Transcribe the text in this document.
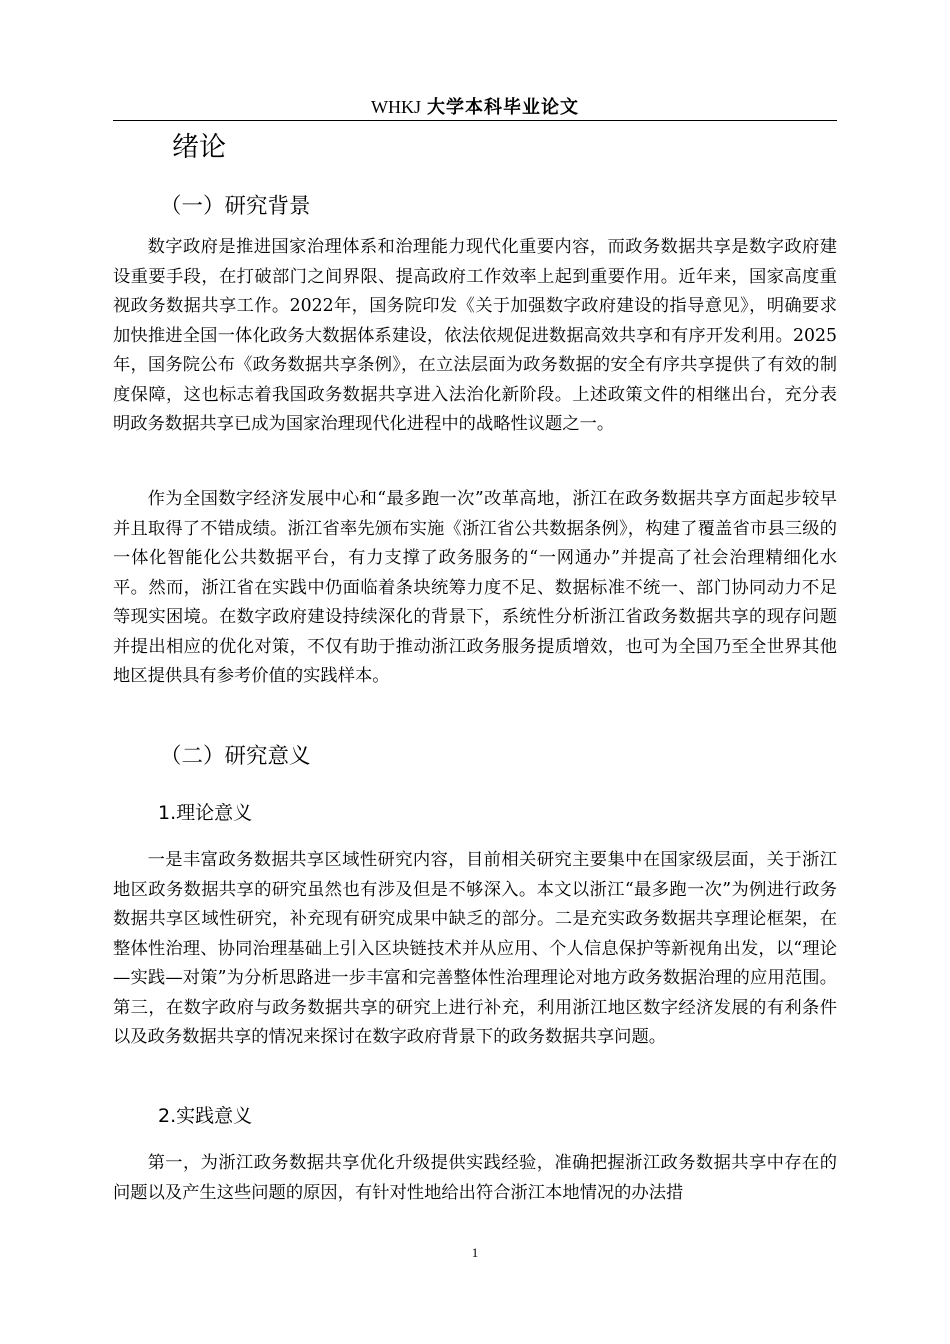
WHKJ 大学本科毕业论文
绪论
（一）研究背景

数字政府是推进国家治理体系和治理能力现代化重要内容，而政务数据共享是数字政府建设重要手段，在打破部门之间界限、提高政府工作效率上起到重要作用。近年来，国家高度重视政务数据共享工作。2022年，国务院印发《关于加强数字政府建设的指导意见》，明确要求加快推进全国一体化政务大数据体系建设，依法依规促进数据高效共享和有序开发利用。2025年，国务院公布《政务数据共享条例》，在立法层面为政务数据的安全有序共享提供了有效的制度保障，这也标志着我国政务数据共享进入法治化新阶段。上述政策文件的相继出台，充分表明政务数据共享已成为国家治理现代化进程中的战略性议题之一。

作为全国数字经济发展中心和“最多跑一次”改革高地，浙江在政务数据共享方面起步较早并且取得了不错成绩。浙江省率先颁布实施《浙江省公共数据条例》，构建了覆盖省市县三级的一体化智能化公共数据平台，有力支撑了政务服务的“一网通办”并提高了社会治理精细化水平。然而，浙江省在实践中仍面临着条块统筹力度不足、数据标准不统一、部门协同动力不足等现实困境。在数字政府建设持续深化的背景下，系统性分析浙江省政务数据共享的现存问题并提出相应的优化对策，不仅有助于推动浙江政务服务提质增效，也可为全国乃至全世界其他地区提供具有参考价值的实践样本。

（二）研究意义
1.理论意义

一是丰富政务数据共享区域性研究内容，目前相关研究主要集中在国家级层面，关于浙江地区政务数据共享的研究虽然也有涉及但是不够深入。本文以浙江“最多跑一次”为例进行政务数据共享区域性研究，补充现有研究成果中缺乏的部分。二是充实政务数据共享理论框架，在整体性治理、协同治理基础上引入区块链技术并从应用、个人信息保护等新视角出发，以“理论—实践—对策”为分析思路进一步丰富和完善整体性治理理论对地方政务数据治理的应用范围。第三，在数字政府与政务数据共享的研究上进行补充，利用浙江地区数字经济发展的有利条件以及政务数据共享的情况来探讨在数字政府背景下的政务数据共享问题。

2.实践意义

第一，为浙江政务数据共享优化升级提供实践经验，准确把握浙江政务数据共享中存在的问题以及产生这些问题的原因，有针对性地给出符合浙江本地情况的办法措

1
